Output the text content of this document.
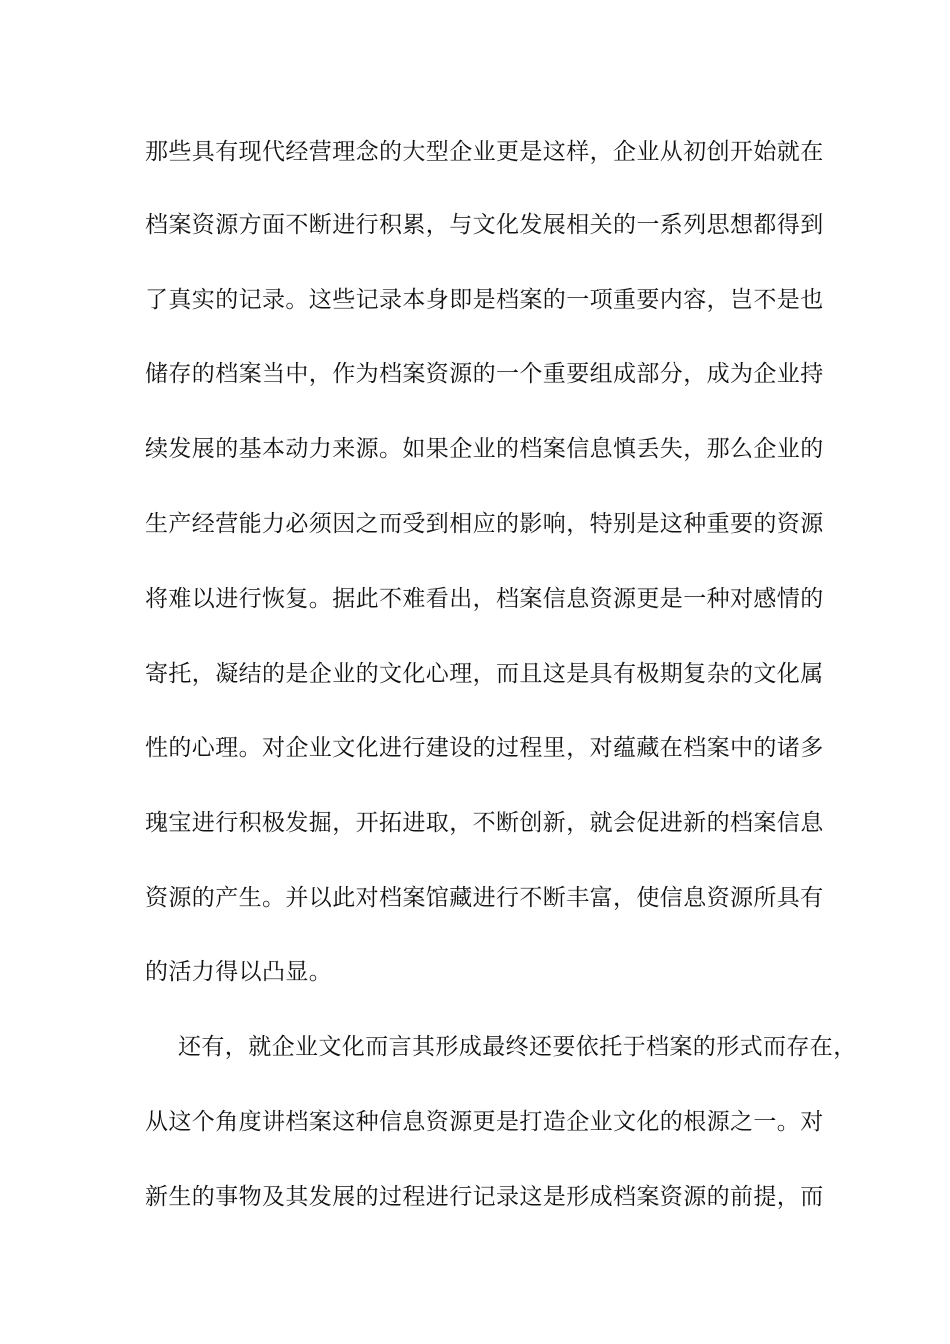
那些具有现代经营理念的大型企业更是这样，企业从初创开始就在
档案资源方面不断进行积累，与文化发展相关的一系列思想都得到
了真实的记录。这些记录本身即是档案的一项重要内容，岂不是也
储存的档案当中，作为档案资源的一个重要组成部分，成为企业持
续发展的基本动力来源。如果企业的档案信息慎丢失，那么企业的
生产经营能力必须因之而受到相应的影响，特别是这种重要的资源
将难以进行恢复。据此不难看出，档案信息资源更是一种对感情的
寄托，凝结的是企业的文化心理，而且这是具有极期复杂的文化属
性的心理。对企业文化进行建设的过程里，对蕴藏在档案中的诸多
瑰宝进行积极发掘，开拓进取，不断创新，就会促进新的档案信息
资源的产生。并以此对档案馆藏进行不断丰富，使信息资源所具有
的活力得以凸显。
还有，就企业文化而言其形成最终还要依托于档案的形式而存在，
从这个角度讲档案这种信息资源更是打造企业文化的根源之一。对
新生的事物及其发展的过程进行记录这是形成档案资源的前提，而
